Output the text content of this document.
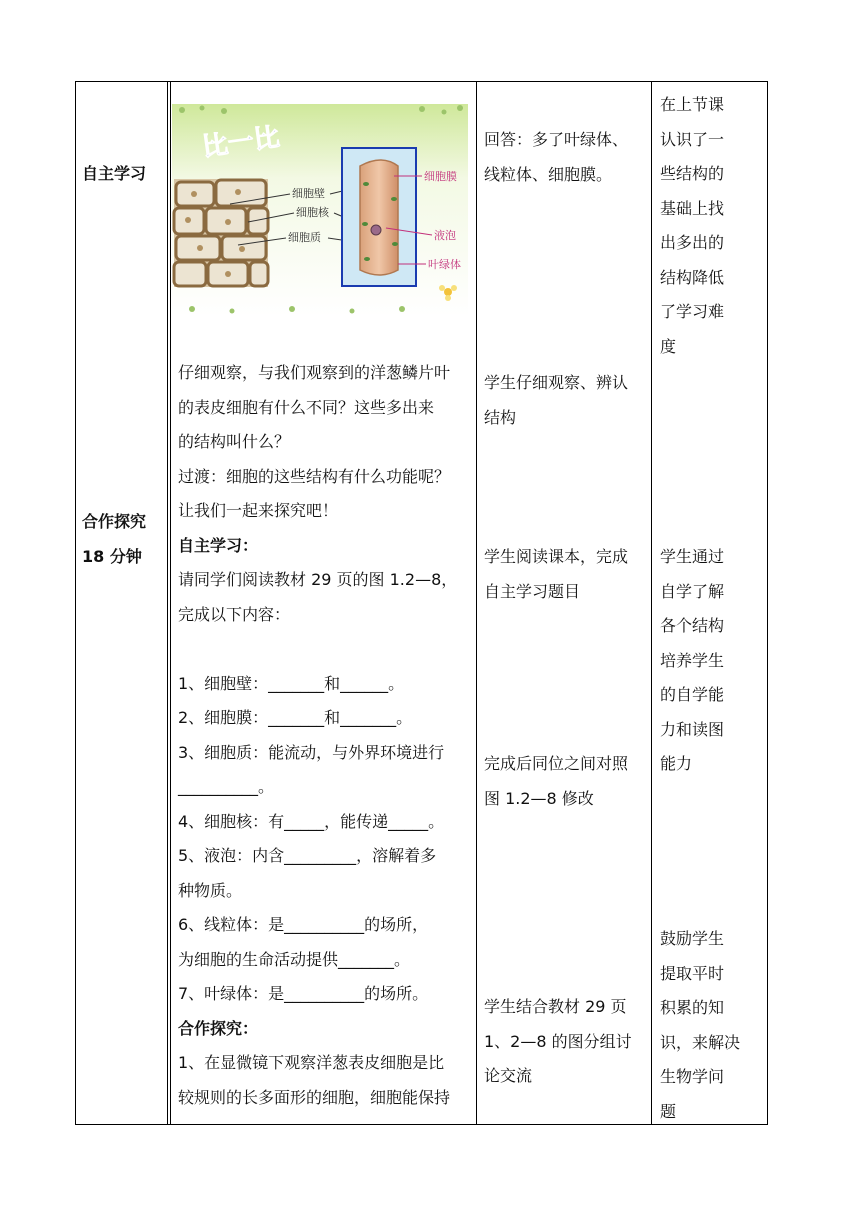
自主学习
合作探究
18 分钟
比一比
细胞壁
细胞核
细胞质
细胞膜
液泡
叶绿体

仔细观察，与我们观察到的洋葱鳞片叶

的表皮细胞有什么不同？这些多出来

的结构叫什么？

过渡：细胞的这些结构有什么功能呢？

让我们一起来探究吧！

自主学习：

请同学们阅读教材 29 页的图 1.2—8，

完成以下内容：

1、细胞壁：_______和______。

2、细胞膜：_______和_______。

3、细胞质：能流动，与外界环境进行

__________。

4、细胞核：有_____，能传递_____。

5、液泡：内含_________，溶解着多

种物质。

6、线粒体：是__________的场所，

为细胞的生命活动提供_______。

7、叶绿体：是__________的场所。

合作探究：

1、在显微镜下观察洋葱表皮细胞是比

较规则的长多面形的细胞，细胞能保持

回答：多了叶绿体、

线粒体、细胞膜。

学生仔细观察、辨认

结构

学生阅读课本，完成

自主学习题目

完成后同位之间对照

图 1.2—8 修改

学生结合教材 29 页

1、2—8 的图分组讨

论交流

在上节课

认识了一

些结构的

基础上找

出多出的

结构降低

了学习难

度

学生通过

自学了解

各个结构

培养学生

的自学能

力和读图

能力

鼓励学生

提取平时

积累的知

识，来解决

生物学问

题
